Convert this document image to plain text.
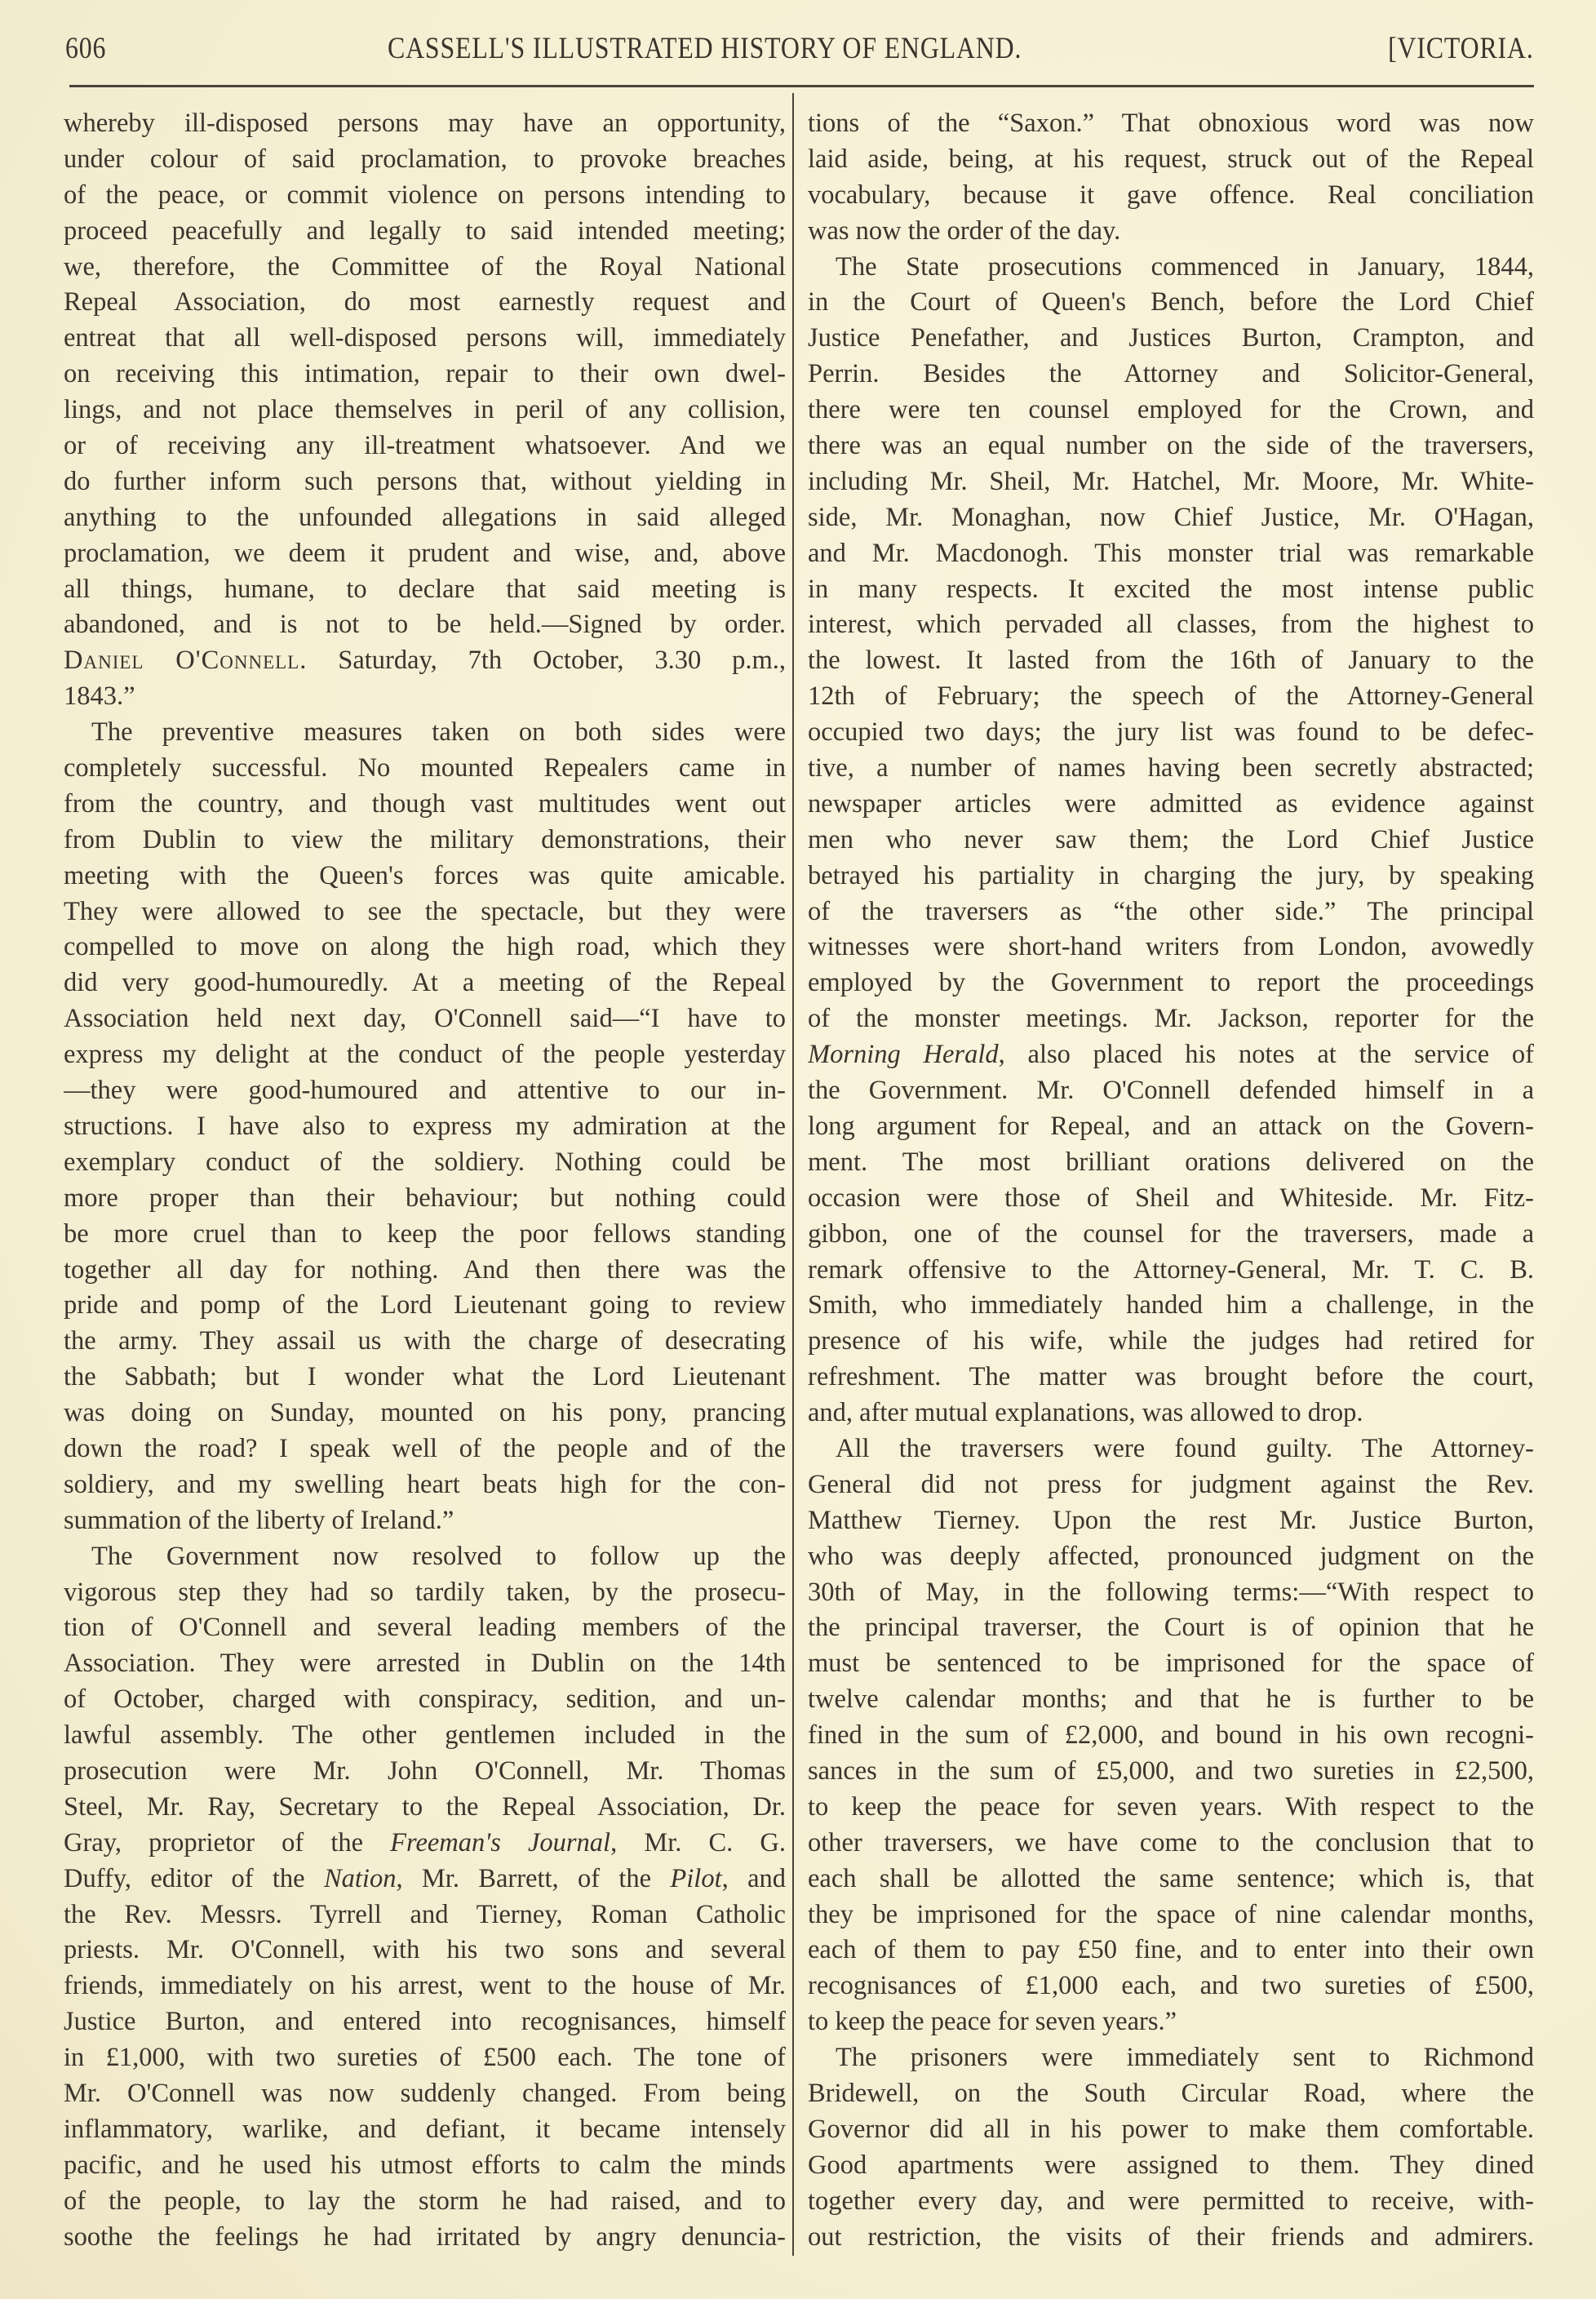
606	CASSELL'S ILLUSTRATED HISTORY OF ENGLAND.	[VICTORIA.
whereby ill-disposed persons may have an opportunity,
under colour of said proclamation, to provoke breaches
of the peace, or commit violence on persons intending to
proceed peacefully and legally to said intended meeting;
we, therefore, the Committee of the Royal National
Repeal Association, do most earnestly request and
entreat that all well-disposed persons will, immediately
on receiving this intimation, repair to their own dwel-
lings, and not place themselves in peril of any collision,
or of receiving any ill-treatment whatsoever. And we
do further inform such persons that, without yielding in
anything to the unfounded allegations in said alleged
proclamation, we deem it prudent and wise, and, above
all things, humane, to declare that said meeting is
abandoned, and is not to be held.—Signed by order.
Daniel O'Connell. Saturday, 7th October, 3.30 p.m.,
1843.”
The preventive measures taken on both sides were
completely successful. No mounted Repealers came in
from the country, and though vast multitudes went out
from Dublin to view the military demonstrations, their
meeting with the Queen's forces was quite amicable.
They were allowed to see the spectacle, but they were
compelled to move on along the high road, which they
did very good-humouredly. At a meeting of the Repeal
Association held next day, O'Connell said—“I have to
express my delight at the conduct of the people yesterday
—they were good-humoured and attentive to our in-
structions. I have also to express my admiration at the
exemplary conduct of the soldiery. Nothing could be
more proper than their behaviour; but nothing could
be more cruel than to keep the poor fellows standing
together all day for nothing. And then there was the
pride and pomp of the Lord Lieutenant going to review
the army. They assail us with the charge of desecrating
the Sabbath; but I wonder what the Lord Lieutenant
was doing on Sunday, mounted on his pony, prancing
down the road? I speak well of the people and of the
soldiery, and my swelling heart beats high for the con-
summation of the liberty of Ireland.”
The Government now resolved to follow up the
vigorous step they had so tardily taken, by the prosecu-
tion of O'Connell and several leading members of the
Association. They were arrested in Dublin on the 14th
of October, charged with conspiracy, sedition, and un-
lawful assembly. The other gentlemen included in the
prosecution were Mr. John O'Connell, Mr. Thomas
Steel, Mr. Ray, Secretary to the Repeal Association, Dr.
Gray, proprietor of the Freeman's Journal, Mr. C. G.
Duffy, editor of the Nation, Mr. Barrett, of the Pilot, and
the Rev. Messrs. Tyrrell and Tierney, Roman Catholic
priests. Mr. O'Connell, with his two sons and several
friends, immediately on his arrest, went to the house of Mr.
Justice Burton, and entered into recognisances, himself
in £1,000, with two sureties of £500 each. The tone of
Mr. O'Connell was now suddenly changed. From being
inflammatory, warlike, and defiant, it became intensely
pacific, and he used his utmost efforts to calm the minds
of the people, to lay the storm he had raised, and to
soothe the feelings he had irritated by angry denuncia-
tions of the “Saxon.” That obnoxious word was now
laid aside, being, at his request, struck out of the Repeal
vocabulary, because it gave offence. Real conciliation
was now the order of the day.
The State prosecutions commenced in January, 1844,
in the Court of Queen's Bench, before the Lord Chief
Justice Penefather, and Justices Burton, Crampton, and
Perrin. Besides the Attorney and Solicitor-General,
there were ten counsel employed for the Crown, and
there was an equal number on the side of the traversers,
including Mr. Sheil, Mr. Hatchel, Mr. Moore, Mr. White-
side, Mr. Monaghan, now Chief Justice, Mr. O'Hagan,
and Mr. Macdonogh. This monster trial was remarkable
in many respects. It excited the most intense public
interest, which pervaded all classes, from the highest to
the lowest. It lasted from the 16th of January to the
12th of February; the speech of the Attorney-General
occupied two days; the jury list was found to be defec-
tive, a number of names having been secretly abstracted;
newspaper articles were admitted as evidence against
men who never saw them; the Lord Chief Justice
betrayed his partiality in charging the jury, by speaking
of the traversers as “the other side.” The principal
witnesses were short-hand writers from London, avowedly
employed by the Government to report the proceedings
of the monster meetings. Mr. Jackson, reporter for the
Morning Herald, also placed his notes at the service of
the Government. Mr. O'Connell defended himself in a
long argument for Repeal, and an attack on the Govern-
ment. The most brilliant orations delivered on the
occasion were those of Sheil and Whiteside. Mr. Fitz-
gibbon, one of the counsel for the traversers, made a
remark offensive to the Attorney-General, Mr. T. C. B.
Smith, who immediately handed him a challenge, in the
presence of his wife, while the judges had retired for
refreshment. The matter was brought before the court,
and, after mutual explanations, was allowed to drop.
All the traversers were found guilty. The Attorney-
General did not press for judgment against the Rev.
Matthew Tierney. Upon the rest Mr. Justice Burton,
who was deeply affected, pronounced judgment on the
30th of May, in the following terms:—“With respect to
the principal traverser, the Court is of opinion that he
must be sentenced to be imprisoned for the space of
twelve calendar months; and that he is further to be
fined in the sum of £2,000, and bound in his own recogni-
sances in the sum of £5,000, and two sureties in £2,500,
to keep the peace for seven years. With respect to the
other traversers, we have come to the conclusion that to
each shall be allotted the same sentence; which is, that
they be imprisoned for the space of nine calendar months,
each of them to pay £50 fine, and to enter into their own
recognisances of £1,000 each, and two sureties of £500,
to keep the peace for seven years.”
The prisoners were immediately sent to Richmond
Bridewell, on the South Circular Road, where the
Governor did all in his power to make them comfortable.
Good apartments were assigned to them. They dined
together every day, and were permitted to receive, with-
out restriction, the visits of their friends and admirers.
